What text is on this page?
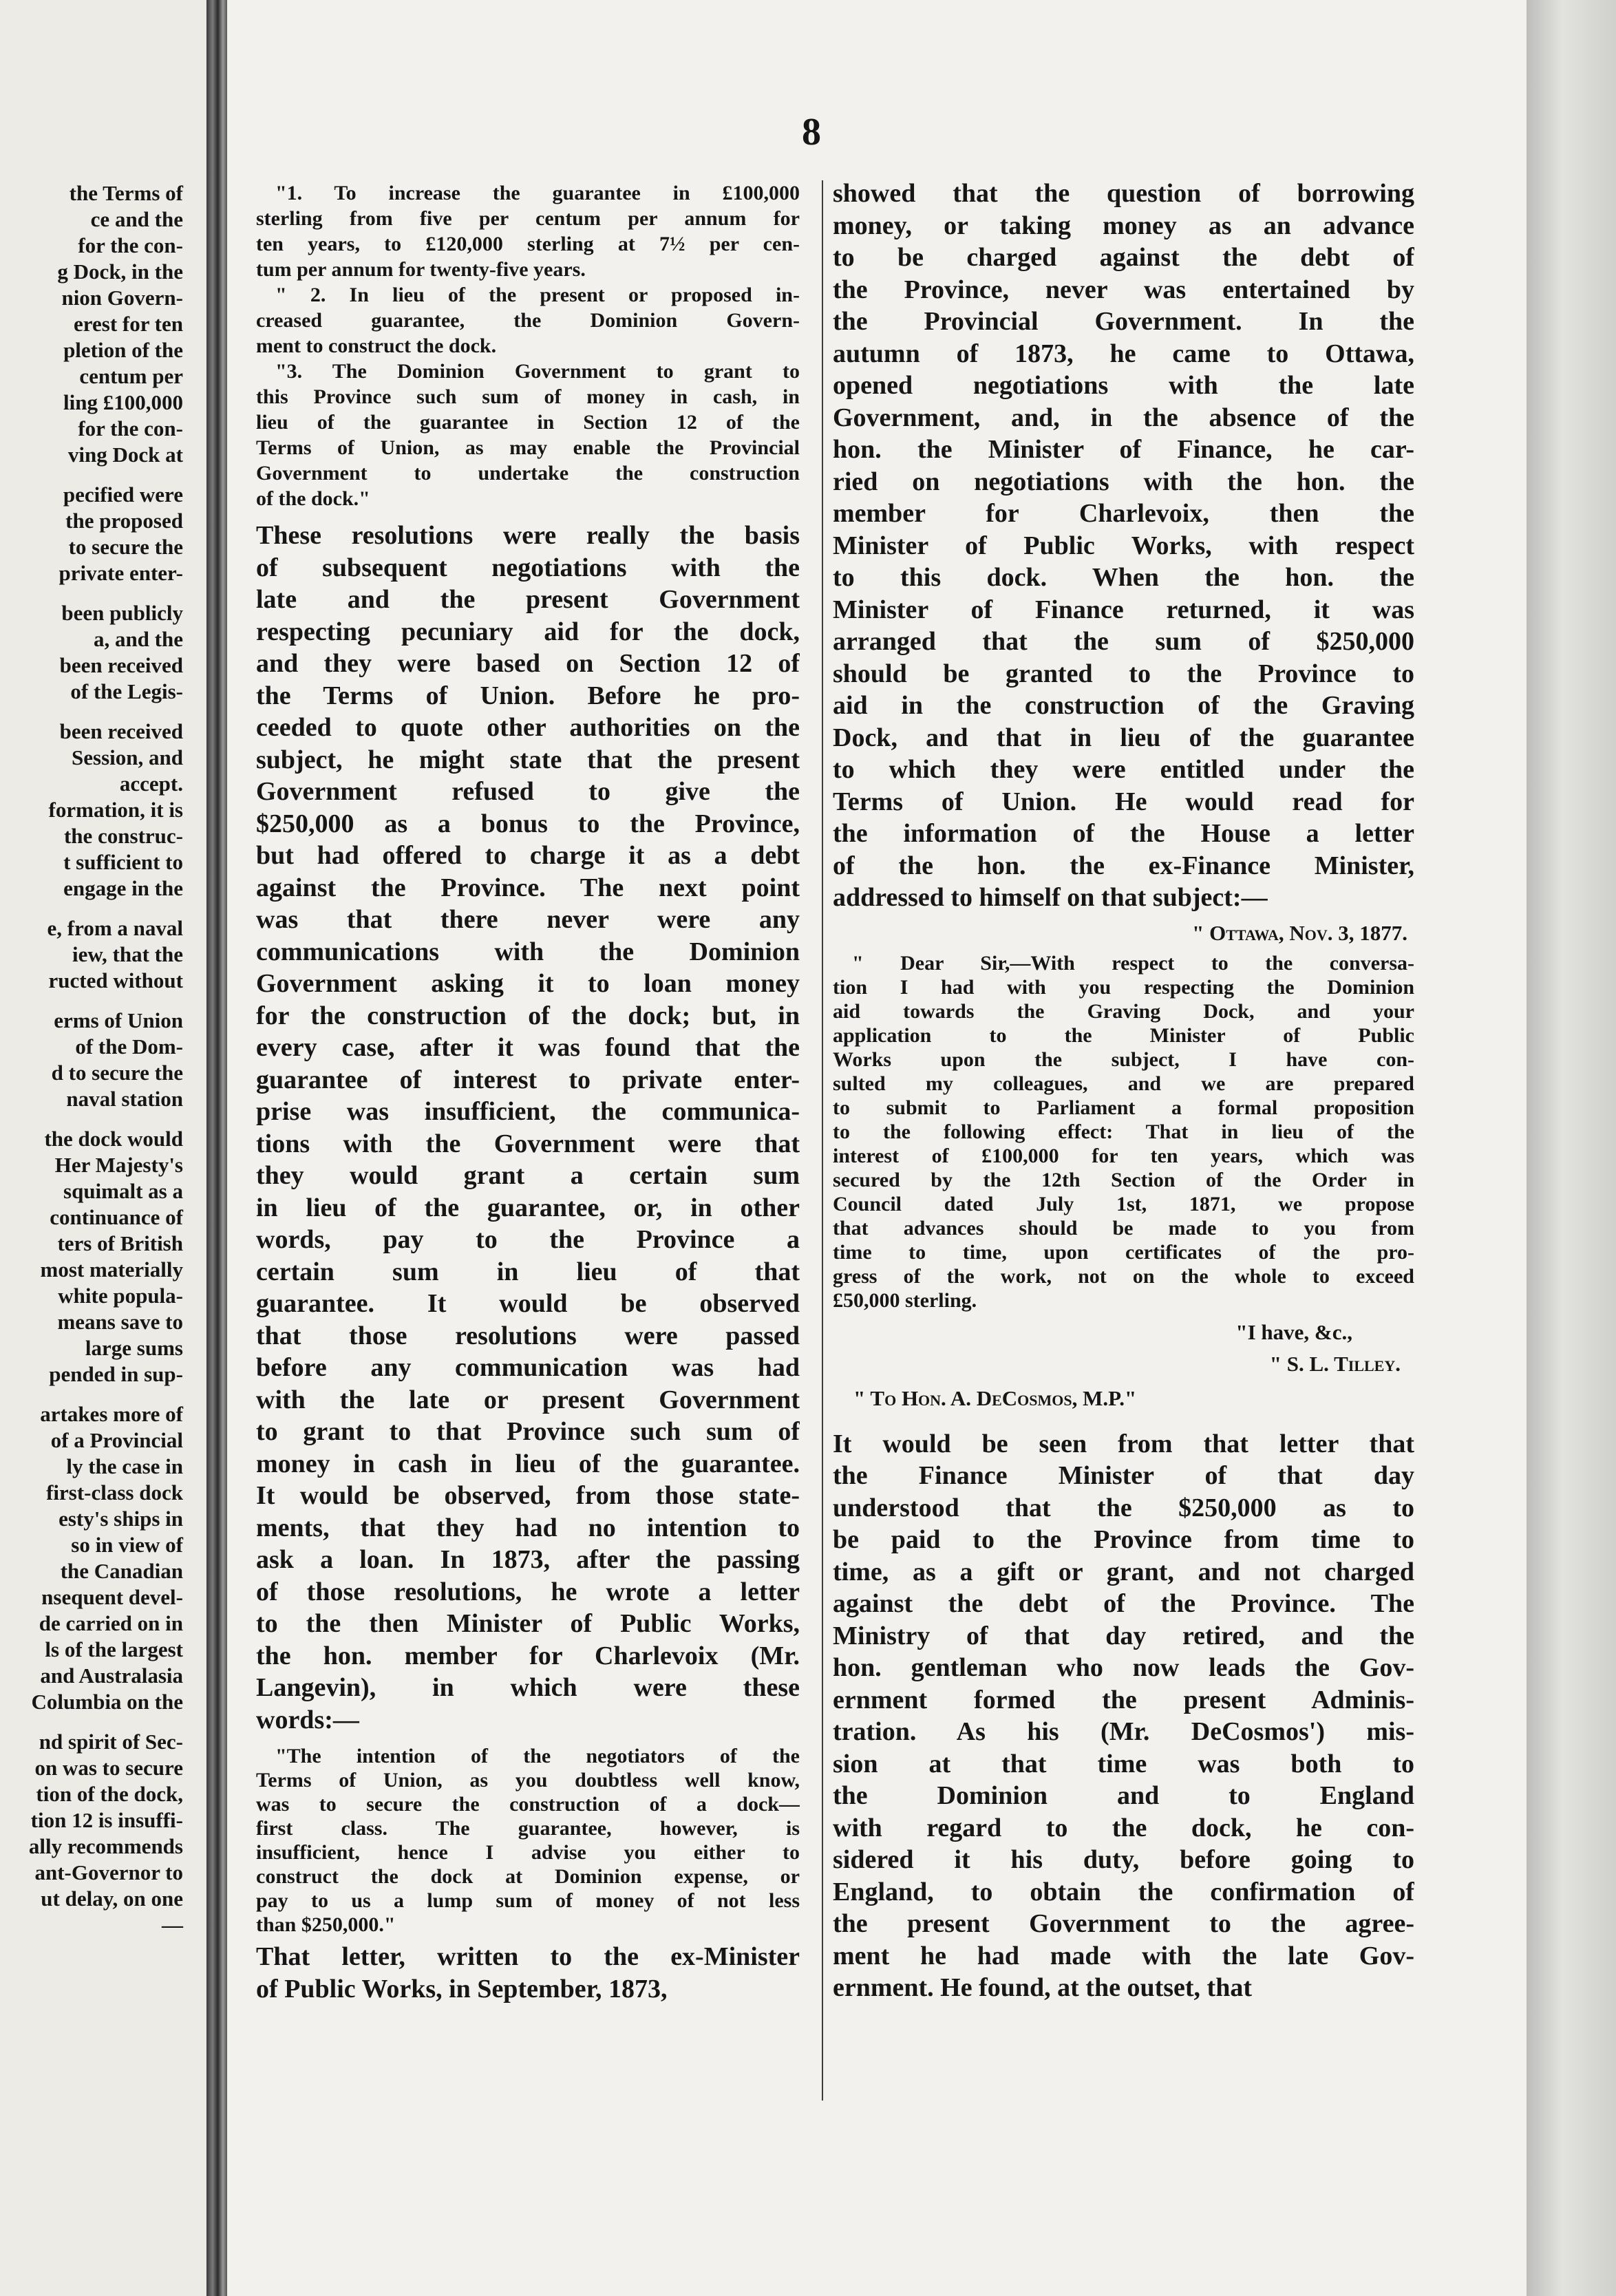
the Terms of
ce and the
for the con-
g Dock, in the
nion Govern-
erest for ten
pletion of the
centum per
ling £100,000
for the con-
ving Dock at

pecified were
the proposed
to secure the
private enter-

been publicly
a, and the
been received
of the Legis-

been received
Session, and
accept.
formation, it is
the construc-
t sufficient to
engage in the

e, from a naval
iew, that the
ructed without

erms of Union
of the Dom-
d to secure the
naval station

the dock would
Her Majesty's
squimalt as a
continuance of
ters of British
most materially
white popula-
means save to
large sums
pended in sup-

artakes more of
of a Provincial
ly the case in
first-class dock
esty's ships in
so in view of
the Canadian
nsequent devel-
de carried on in
ls of the largest
and Australasia
Columbia on the

nd spirit of Sec-
on was to secure
tion of the dock,
tion 12 is insuffi-
ally recommends
ant-Governor to
ut delay, on one
—
8
"1. To increase the guarantee in £100,000
sterling from five per centum per annum for
ten years, to £120,000 sterling at 7½ per cen-
tum per annum for twenty-five years.
" 2. In lieu of the present or proposed in-
creased guarantee, the Dominion Govern-
ment to construct the dock.
"3. The Dominion Government to grant to
this Province such sum of money in cash, in
lieu of the guarantee in Section 12 of the
Terms of Union, as may enable the Provincial
Government to undertake the construction
of the dock."
These resolutions were really the basis
of subsequent negotiations with the
late and the present Government
respecting pecuniary aid for the dock,
and they were based on Section 12 of
the Terms of Union. Before he pro-
ceeded to quote other authorities on the
subject, he might state that the present
Government refused to give the
$250,000 as a bonus to the Province,
but had offered to charge it as a debt
against the Province. The next point
was that there never were any
communications with the Dominion
Government asking it to loan money
for the construction of the dock; but, in
every case, after it was found that the
guarantee of interest to private enter-
prise was insufficient, the communica-
tions with the Government were that
they would grant a certain sum
in lieu of the guarantee, or, in other
words, pay to the Province a
certain sum in lieu of that
guarantee. It would be observed
that those resolutions were passed
before any communication was had
with the late or present Government
to grant to that Province such sum of
money in cash in lieu of the guarantee.
It would be observed, from those state-
ments, that they had no intention to
ask a loan. In 1873, after the passing
of those resolutions, he wrote a letter
to the then Minister of Public Works,
the hon. member for Charlevoix (Mr.
Langevin), in which were these
words:—
"The intention of the negotiators of the
Terms of Union, as you doubtless well know,
was to secure the construction of a dock—
first class. The guarantee, however, is
insufficient, hence I advise you either to
construct the dock at Dominion expense, or
pay to us a lump sum of money of not less
than $250,000."
That letter, written to the ex-Minister
of Public Works, in September, 1873,
showed that the question of borrowing
money, or taking money as an advance
to be charged against the debt of
the Province, never was entertained by
the Provincial Government. In the
autumn of 1873, he came to Ottawa,
opened negotiations with the late
Government, and, in the absence of the
hon. the Minister of Finance, he car-
ried on negotiations with the hon. the
member for Charlevoix, then the
Minister of Public Works, with respect
to this dock. When the hon. the
Minister of Finance returned, it was
arranged that the sum of $250,000
should be granted to the Province to
aid in the construction of the Graving
Dock, and that in lieu of the guarantee
to which they were entitled under the
Terms of Union. He would read for
the information of the House a letter
of the hon. the ex-Finance Minister,
addressed to himself on that subject:—
" Ottawa, Nov. 3, 1877.
" Dear Sir,—With respect to the conversa-
tion I had with you respecting the Dominion
aid towards the Graving Dock, and your
application to the Minister of Public
Works upon the subject, I have con-
sulted my colleagues, and we are prepared
to submit to Parliament a formal proposition
to the following effect: That in lieu of the
interest of £100,000 for ten years, which was
secured by the 12th Section of the Order in
Council dated July 1st, 1871, we propose
that advances should be made to you from
time to time, upon certificates of the pro-
gress of the work, not on the whole to exceed
£50,000 sterling.
"I have, &c.,
" S. L. Tilley.
" To Hon. A. DeCosmos, M.P."
It would be seen from that letter that
the Finance Minister of that day
understood that the $250,000 as to
be paid to the Province from time to
time, as a gift or grant, and not charged
against the debt of the Province. The
Ministry of that day retired, and the
hon. gentleman who now leads the Gov-
ernment formed the present Adminis-
tration. As his (Mr. DeCosmos') mis-
sion at that time was both to
the Dominion and to England
with regard to the dock, he con-
sidered it his duty, before going to
England, to obtain the confirmation of
the present Government to the agree-
ment he had made with the late Gov-
ernment. He found, at the outset, that
